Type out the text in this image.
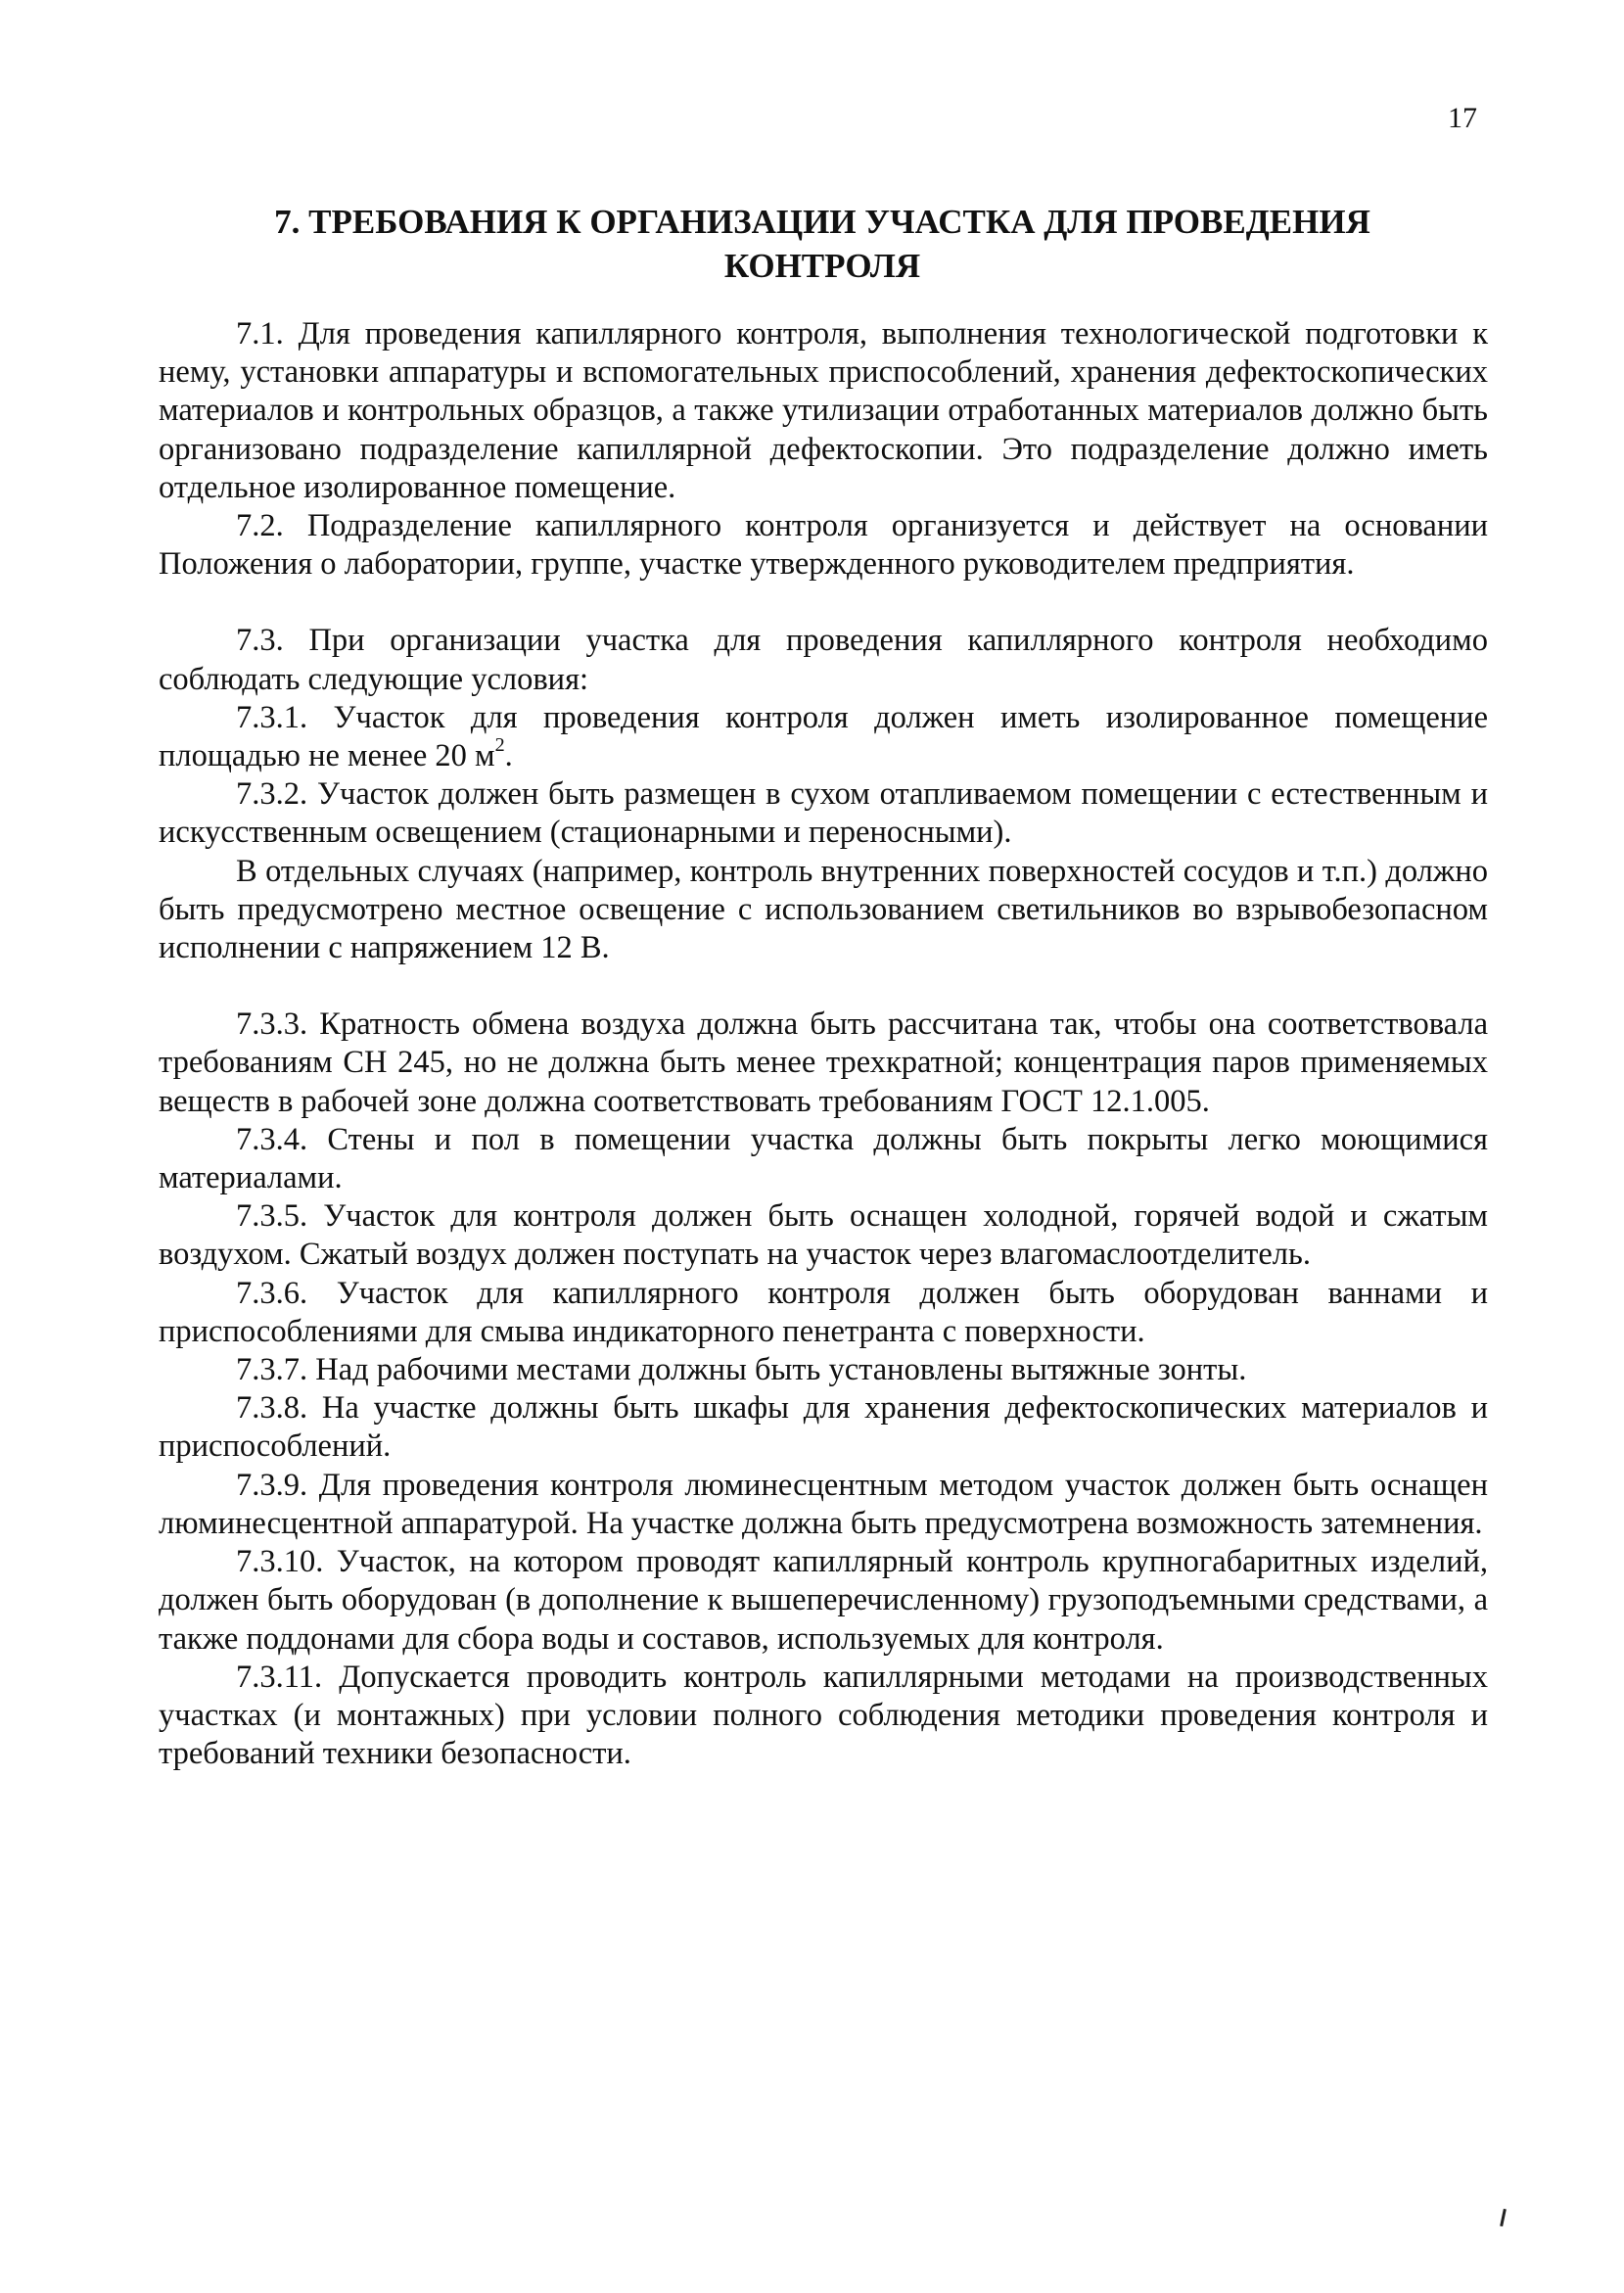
17
7. ТРЕБОВАНИЯ К ОРГАНИЗАЦИИ УЧАСТКА ДЛЯ ПРОВЕДЕНИЯ
КОНТРОЛЯ

7.1. Для проведения капиллярного контроля, выполнения технологической подготовки к нему, установки аппаратуры и вспомогательных приспособлений, хранения дефектоскопических материалов и контрольных образцов, а также утилизации отработанных материалов должно быть организовано подразделение капиллярной дефектоскопии. Это подразделение должно иметь отдельное изолированное помещение.

7.2. Подразделение капиллярного контроля организуется и действует на основании Положения о лаборатории, группе, участке утвержденного руководителем предприятия.

7.3. При организации участка для проведения капиллярного контроля необходимо соблюдать следующие условия:

7.3.1. Участок для проведения контроля должен иметь изолированное помещение площадью не менее 20 $м^2$.

7.3.2. Участок должен быть размещен в сухом отапливаемом помещении с естественным и искусственным освещением (стационарными и переносными).

В отдельных случаях (например, контроль внутренних поверхностей сосудов и т.п.) должно быть предусмотрено местное освещение с использованием светильников во взрывобезопасном исполнении с напряжением 12 В.

7.3.3. Кратность обмена воздуха должна быть рассчитана так, чтобы она соответствовала требованиям СН 245, но не должна быть менее трехкратной; концентрация паров применяемых веществ в рабочей зоне должна соответствовать требованиям ГОСТ 12.1.005.

7.3.4. Стены и пол в помещении участка должны быть покрыты легко моющимися материалами.

7.3.5. Участок для контроля должен быть оснащен холодной, горячей водой и сжатым воздухом. Сжатый воздух должен поступать на участок через влагомаслоотделитель.

7.3.6. Участок для капиллярного контроля должен быть оборудован ваннами и приспособлениями для смыва индикаторного пенетранта с поверхности.

7.3.7. Над рабочими местами должны быть установлены вытяжные зонты.

7.3.8. На участке должны быть шкафы для хранения дефектоскопических материалов и приспособлений.

7.3.9. Для проведения контроля люминесцентным методом участок должен быть оснащен люминесцентной аппаратурой. На участке должна быть предусмотрена возможность затемнения.

7.3.10. Участок, на котором проводят капиллярный контроль крупногабаритных изделий, должен быть оборудован (в дополнение к вышеперечисленному) грузоподъемными средствами, а также поддонами для сбора воды и составов, используемых для контроля.

7.3.11. Допускается проводить контроль капиллярными методами на производственных участках (и монтажных) при условии полного соблюдения методики проведения контроля и требований техники безопасности.
